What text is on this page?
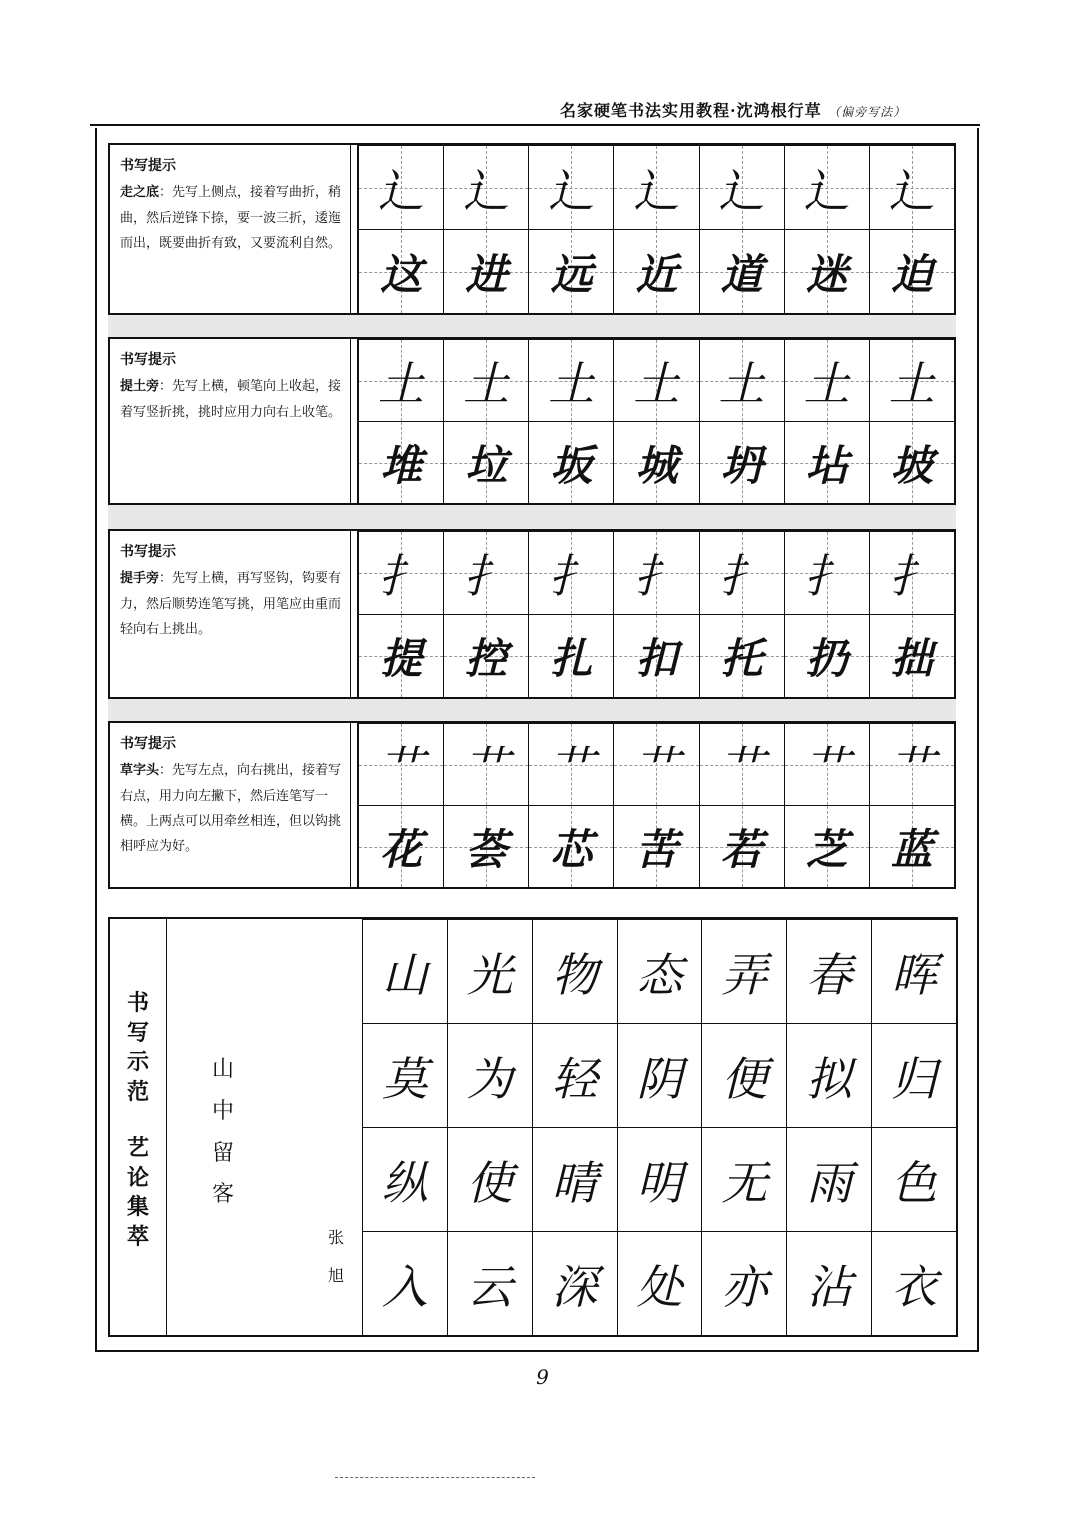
名家硬笔书法实用教程·沈鸿根行草 （偏旁写法）
书写提示
走之底：先写上侧点，接着写曲折，稍曲，然后逆锋下捺，要一波三折，逶迤而出，既要曲折有致，又要流利自然。
辶 辶 辶 辶 辶 辶 辶
这 进 远 近 道 迷 迫
书写提示
提土旁：先写上横，顿笔向上收起，接着写竖折挑，挑时应用力向右上收笔。
土 土 土 土 土 土 土
堆 垃 坂 城 坍 坫 坡
书写提示
提手旁：先写上横，再写竖钩，钩要有力，然后顺势连笔写挑，用笔应由重而轻向右上挑出。
扌 扌 扌 扌 扌 扌 扌
提 控 扎 扣 托 扔 拙
书写提示
草字头：先写左点，向右挑出，接着写右点，用力向左撇下，然后连笔写一横。上两点可以用牵丝相连，但以钩挑相呼应为好。
艹 艹 艹 艹 艹 艹 艹
花 荟 芯 苦 若 芝 蓝
书写示范
艺论集萃
山中留客
张旭
山 光 物 态 弄 春 晖
莫 为 轻 阴 便 拟 归
纵 使 晴 明 无 雨 色
入 云 深 处 亦 沾 衣
9
